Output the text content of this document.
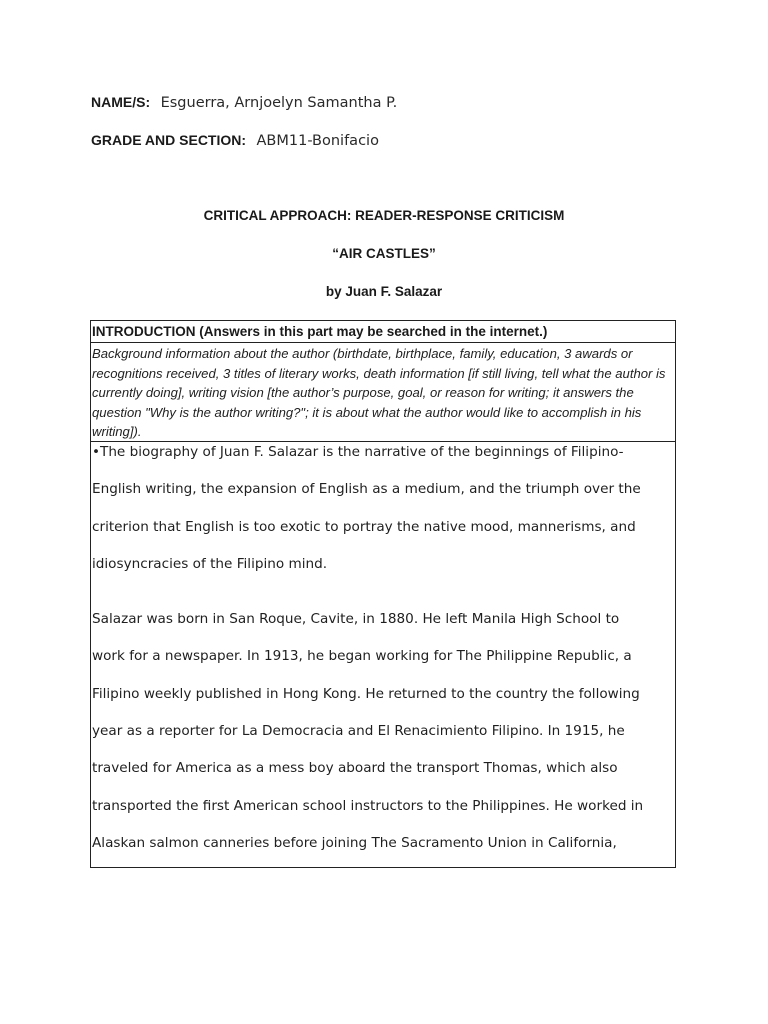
NAME/S: Esguerra, Arnjoelyn Samantha P.
GRADE AND SECTION: ABM11-Bonifacio
CRITICAL APPROACH: READER-RESPONSE CRITICISM
“AIR CASTLES”
by Juan F. Salazar
INTRODUCTION (Answers in this part may be searched in the internet.)
Background information about the author (birthdate, birthplace, family, education, 3 awards or recognitions received, 3 titles of literary works, death information [if still living, tell what the author is currently doing], writing vision [the author’s purpose, goal, or reason for writing; it answers the question "Why is the author writing?"; it is about what the author would like to accomplish in his writing]).
•The biography of Juan F. Salazar is the narrative of the beginnings of Filipino-
English writing, the expansion of English as a medium, and the triumph over the
criterion that English is too exotic to portray the native mood, mannerisms, and
idiosyncracies of the Filipino mind.
Salazar was born in San Roque, Cavite, in 1880. He left Manila High School to
work for a newspaper. In 1913, he began working for The Philippine Republic, a
Filipino weekly published in Hong Kong. He returned to the country the following
year as a reporter for La Democracia and El Renacimiento Filipino. In 1915, he
traveled for America as a mess boy aboard the transport Thomas, which also
transported the first American school instructors to the Philippines. He worked in
Alaskan salmon canneries before joining The Sacramento Union in California,
